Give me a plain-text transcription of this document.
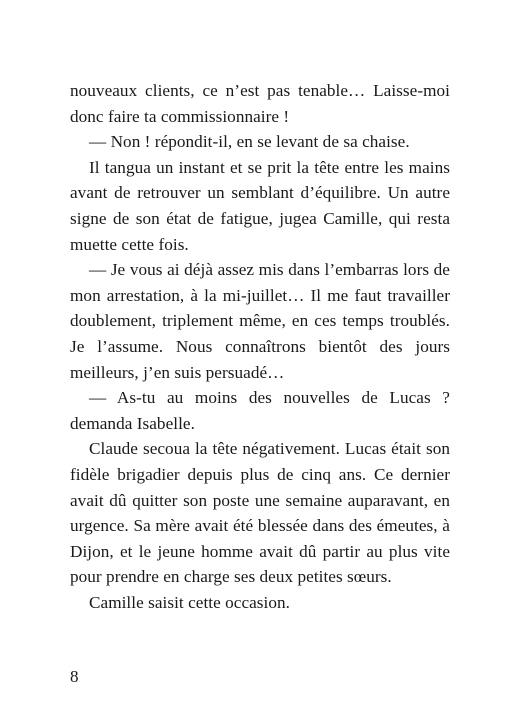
nouveaux clients, ce n’est pas tenable… Laisse-moi donc faire ta commissionnaire !

— Non ! répondit-il, en se levant de sa chaise.

Il tangua un instant et se prit la tête entre les mains avant de retrouver un semblant d’équilibre. Un autre signe de son état de fatigue, jugea Camille, qui resta muette cette fois.

— Je vous ai déjà assez mis dans l’embarras lors de mon arrestation, à la mi-juillet… Il me faut travailler doublement, triplement même, en ces temps troublés. Je l’assume. Nous connaîtrons bientôt des jours meilleurs, j’en suis persuadé…

— As-tu au moins des nouvelles de Lucas ? demanda Isabelle.

Claude secoua la tête négativement. Lucas était son fidèle brigadier depuis plus de cinq ans. Ce dernier avait dû quitter son poste une semaine auparavant, en urgence. Sa mère avait été blessée dans des émeutes, à Dijon, et le jeune homme avait dû partir au plus vite pour prendre en charge ses deux petites sœurs.

Camille saisit cette occasion.

8
